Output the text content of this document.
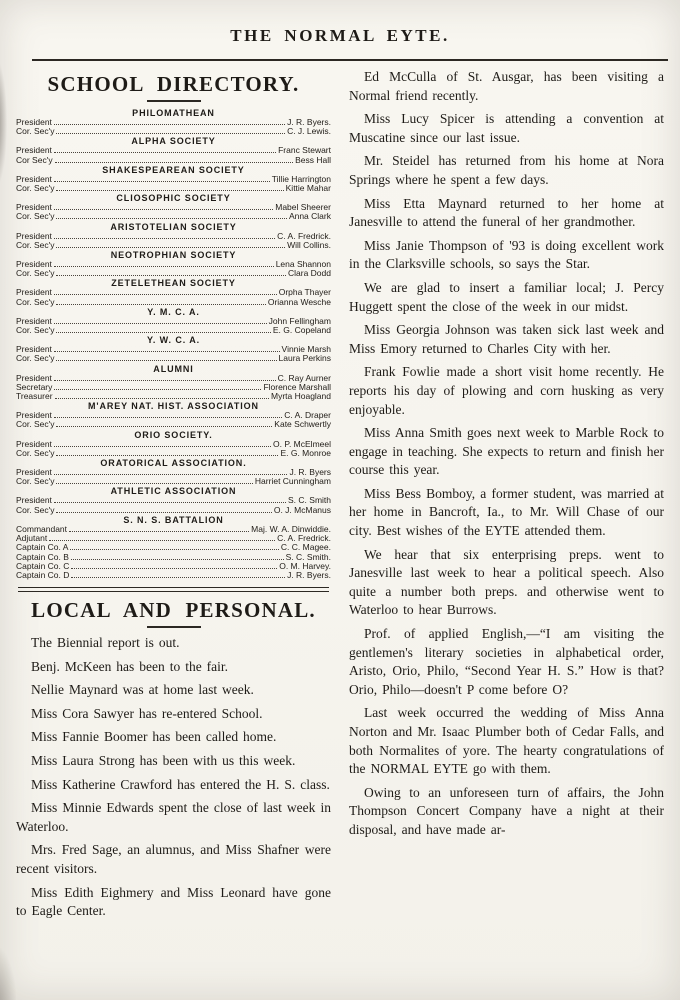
THE NORMAL EYTE.
SCHOOL DIRECTORY.
PHILOMATHEAN
President	J. R. Byers.
Cor. Sec'y	C. J. Lewis.
ALPHA SOCIETY
President	Franc Stewart
Cor Sec'y	Bess Hall
SHAKESPEAREAN SOCIETY
President	Tillie Harrington
Cor. Sec'y	Kittie Mahar
CLIOSOPHIC SOCIETY
President	Mabel Sheerer
Cor. Sec'y	Anna Clark
ARISTOTELIAN SOCIETY
President	C. A. Fredrick.
Cor. Sec'y	Will Collins.
NEOTROPHIAN SOCIETY
President	Lena Shannon
Cor. Sec'y	Clara Dodd
ZETELETHEAN SOCIETY
President	Orpha Thayer
Cor. Sec'y	Orianna Wesche
Y. M. C. A.
President	John Fellingham
Cor. Sec'y	E. G. Copeland
Y. W. C. A.
President	Vinnie Marsh
Cor. Sec'y	Laura Perkins
ALUMNI
President	C. Ray Aurner
Secretary	Florence Marshall
Treasurer	Myrta Hoagland
M'AREY NAT. HIST. ASSOCIATION
President	C. A. Draper
Cor. Sec'y	Kate Schwertly
ORIO SOCIETY.
President	O. P. McElmeel
Cor. Sec'y	E. G. Monroe
ORATORICAL ASSOCIATION.
President	J. R. Byers
Cor. Sec'y	Harriet Cunningham
ATHLETIC ASSOCIATION
President	S. C. Smith
Cor. Sec'y	O. J. McManus
S. N. S. BATTALION
Commandant	Maj. W. A. Dinwiddie.
Adjutant	C. A. Fredrick.
Captain Co. A	C. C. Magee.
Captain Co. B	S. C. Smith.
Captain Co. C	O. M. Harvey.
Captain Co. D	J. R. Byers.
LOCAL AND PERSONAL.

The Biennial report is out.

Benj. McKeen has been to the fair.

Nellie Maynard was at home last week.

Miss Cora Sawyer has re-entered School.

Miss Fannie Boomer has been called home.

Miss Laura Strong has been with us this week.

Miss Katherine Crawford has entered the H. S. class.

Miss Minnie Edwards spent the close of last week in Waterloo.

Mrs. Fred Sage, an alumnus, and Miss Shafner were recent visitors.

Miss Edith Eighmery and Miss Leonard have gone to Eagle Center.

Ed McCulla of St. Ausgar, has been visiting a Normal friend recently.

Miss Lucy Spicer is attending a convention at Muscatine since our last issue.

Mr. Steidel has returned from his home at Nora Springs where he spent a few days.

Miss Etta Maynard returned to her home at Janesville to attend the funeral of her grandmother.

Miss Janie Thompson of '93 is doing excellent work in the Clarksville schools, so says the Star.

We are glad to insert a familiar local; J. Percy Huggett spent the close of the week in our midst.

Miss Georgia Johnson was taken sick last week and Miss Emory returned to Charles City with her.

Frank Fowlie made a short visit home recently. He reports his day of plowing and corn husking as very enjoyable.

Miss Anna Smith goes next week to Marble Rock to engage in teaching. She expects to return and finish her course this year.

Miss Bess Bomboy, a former student, was married at her home in Bancroft, Ia., to Mr. Will Chase of our city. Best wishes of the EYTE attended them.

We hear that six enterprising preps. went to Janesville last week to hear a political speech. Also quite a number both preps. and otherwise went to Waterloo to hear Burrows.

Prof. of applied English,—“I am visiting the gentlemen's literary societies in alphabetical order, Aristo, Orio, Philo, “Second Year H. S.” How is that? Orio, Philo—doesn't P come before O?

Last week occurred the wedding of Miss Anna Norton and Mr. Isaac Plumber both of Cedar Falls, and both Normalites of yore. The hearty congratulations of the NORMAL EYTE go with them.

Owing to an unforeseen turn of affairs, the John Thompson Concert Company have a night at their disposal, and have made ar-
